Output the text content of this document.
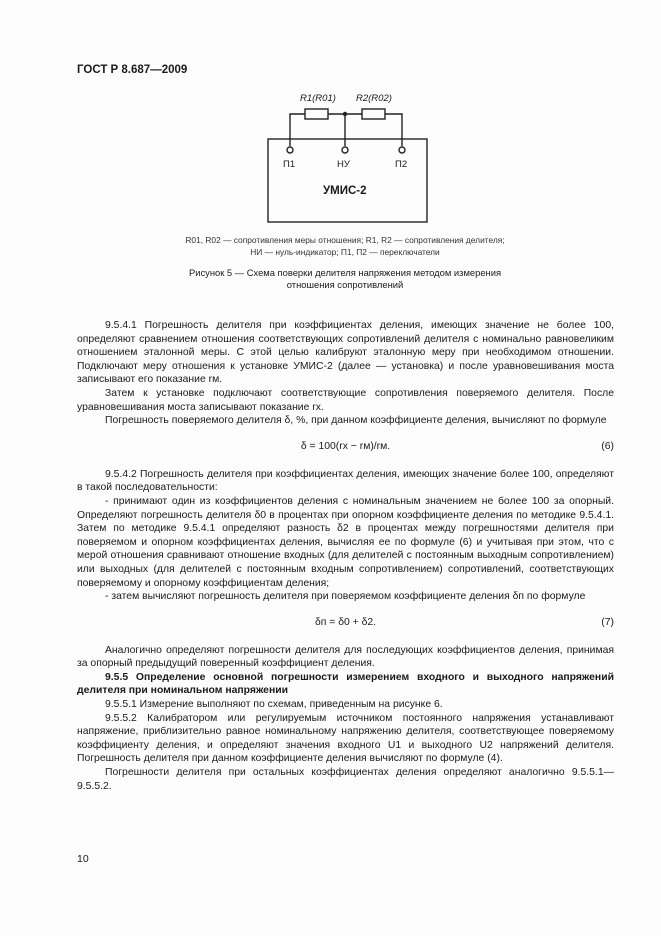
ГОСТ Р 8.687—2009
R1(R01) R2(R02)
П1	НУ	П2
УМИС-2
R01, R02 — сопротивления меры отношения; R1, R2 — сопротивления делителя;
НИ — нуль-индикатор; П1, П2 — переключатели
Рисунок 5 — Схема поверки делителя напряжения методом измерения
отношения сопротивлений

9.5.4.1 Погрешность делителя при коэффициентах деления, имеющих значение не более 100, определяют сравнением отношения соответствующих сопротивлений делителя с номинально равновеликим отношением эталонной меры. С этой целью калибруют эталонную меру при необходимом отношении. Подключают меру отношения к установке УМИС-2 (далее — установка) и после уравновешивания моста записывают его показание rм.

Затем к установке подключают соответствующие сопротивления поверяемого делителя. После уравновешивания моста записывают показание rx.

Погрешность поверяемого делителя δ, %, при данном коэффициенте деления, вычисляют по формуле

δ = 100(rx − rм)/rм.	(6)

9.5.4.2 Погрешность делителя при коэффициентах деления, имеющих значение более 100, определяют в такой последовательности:

- принимают один из коэффициентов деления с номинальным значением не более 100 за опорный. Определяют погрешность делителя δ0 в процентах при опорном коэффициенте деления по методике 9.5.4.1. Затем по методике 9.5.4.1 определяют разность δ2 в процентах между погрешностями делителя при поверяемом и опорном коэффициентах деления, вычисляя ее по формуле (6) и учитывая при этом, что с мерой отношения сравнивают отношение входных (для делителей с постоянным выходным сопротивлением) или выходных (для делителей с постоянным входным сопротивлением) сопротивлений, соответствующих поверяемому и опорному коэффициентам деления;

- затем вычисляют погрешность делителя при поверяемом коэффициенте деления δп по формуле

δп = δ0 + δ2.	(7)

Аналогично определяют погрешности делителя для последующих коэффициентов деления, принимая за опорный предыдущий поверенный коэффициент деления.

9.5.5 Определение основной погрешности измерением входного и выходного напряжений делителя при номинальном напряжении

9.5.5.1 Измерение выполняют по схемам, приведенным на рисунке 6.

9.5.5.2 Калибратором или регулируемым источником постоянного напряжения устанавливают напряжение, приблизительно равное номинальному напряжению делителя, соответствующее поверяемому коэффициенту деления, и определяют значения входного U1 и выходного U2 напряжений делителя. Погрешность делителя при данном коэффициенте деления вычисляют по формуле (4).

Погрешности делителя при остальных коэффициентах деления определяют аналогично 9.5.5.1—9.5.5.2.

10
